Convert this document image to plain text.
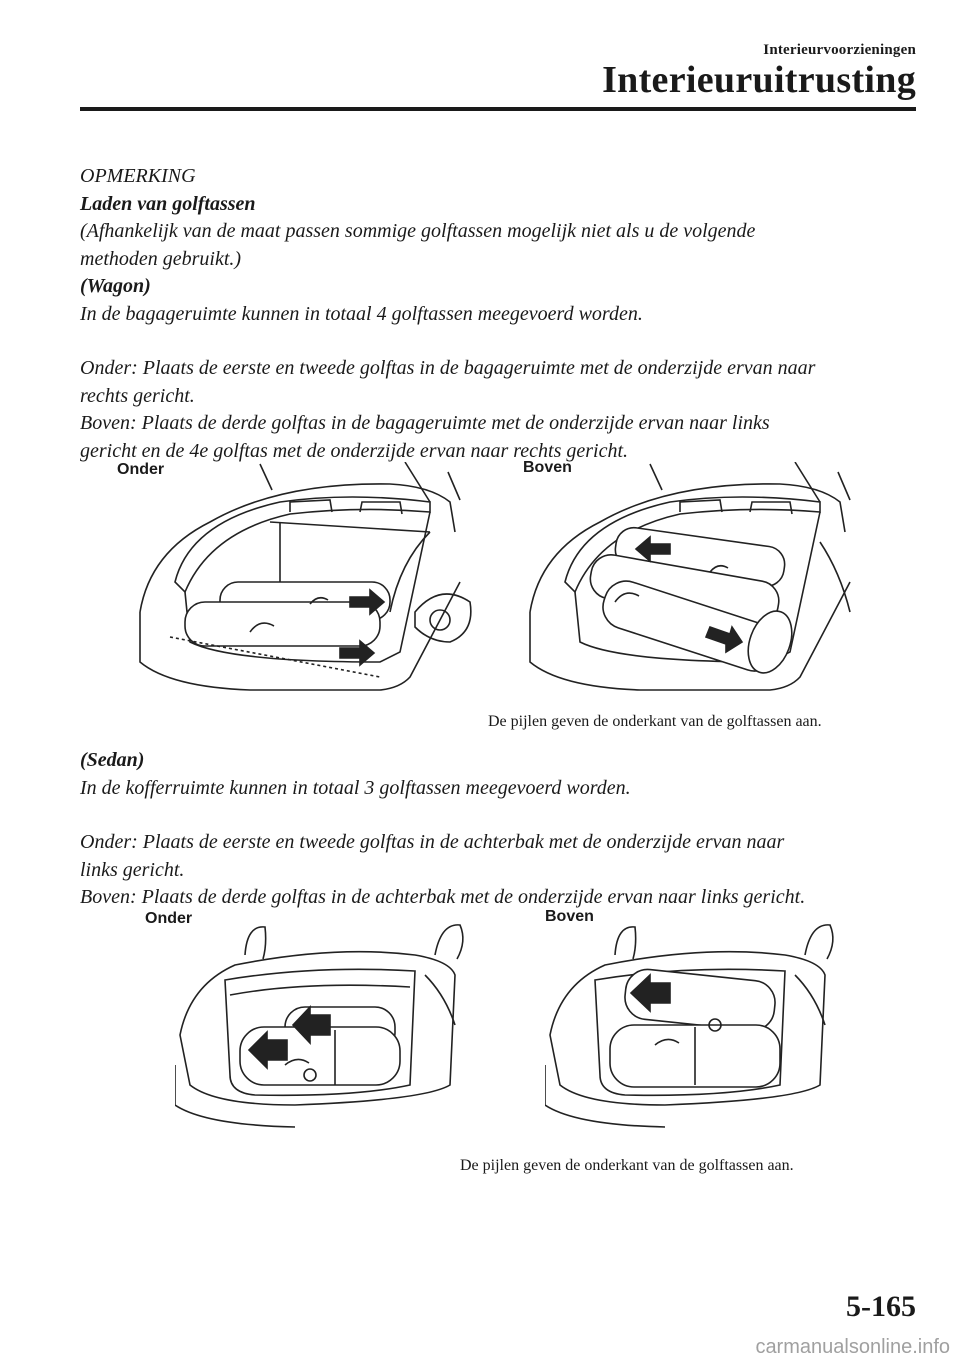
Interieurvoorzieningen
Interieuruitrusting

OPMERKING

Laden van golftassen

(Afhankelijk van de maat passen sommige golftassen mogelijk niet als u de volgende

methoden gebruikt.)

(Wagon)

In de bagageruimte kunnen in totaal 4 golftassen meegevoerd worden.

Onder: Plaats de eerste en tweede golftas in de bagageruimte met de onderzijde ervan naar

rechts gericht.

Boven: Plaats de derde golftas in de bagageruimte met de onderzijde ervan naar links

gericht en de 4e golftas met de onderzijde ervan naar rechts gericht.

Onder	Boven
De pijlen geven de onderkant van de golftassen aan.

(Sedan)

In de kofferruimte kunnen in totaal 3 golftassen meegevoerd worden.

Onder: Plaats de eerste en tweede golftas in de achterbak met de onderzijde ervan naar

links gericht.

Boven: Plaats de derde golftas in de achterbak met de onderzijde ervan naar links gericht.

Onder	Boven
De pijlen geven de onderkant van de golftassen aan.
5-165
carmanualsonline.info
